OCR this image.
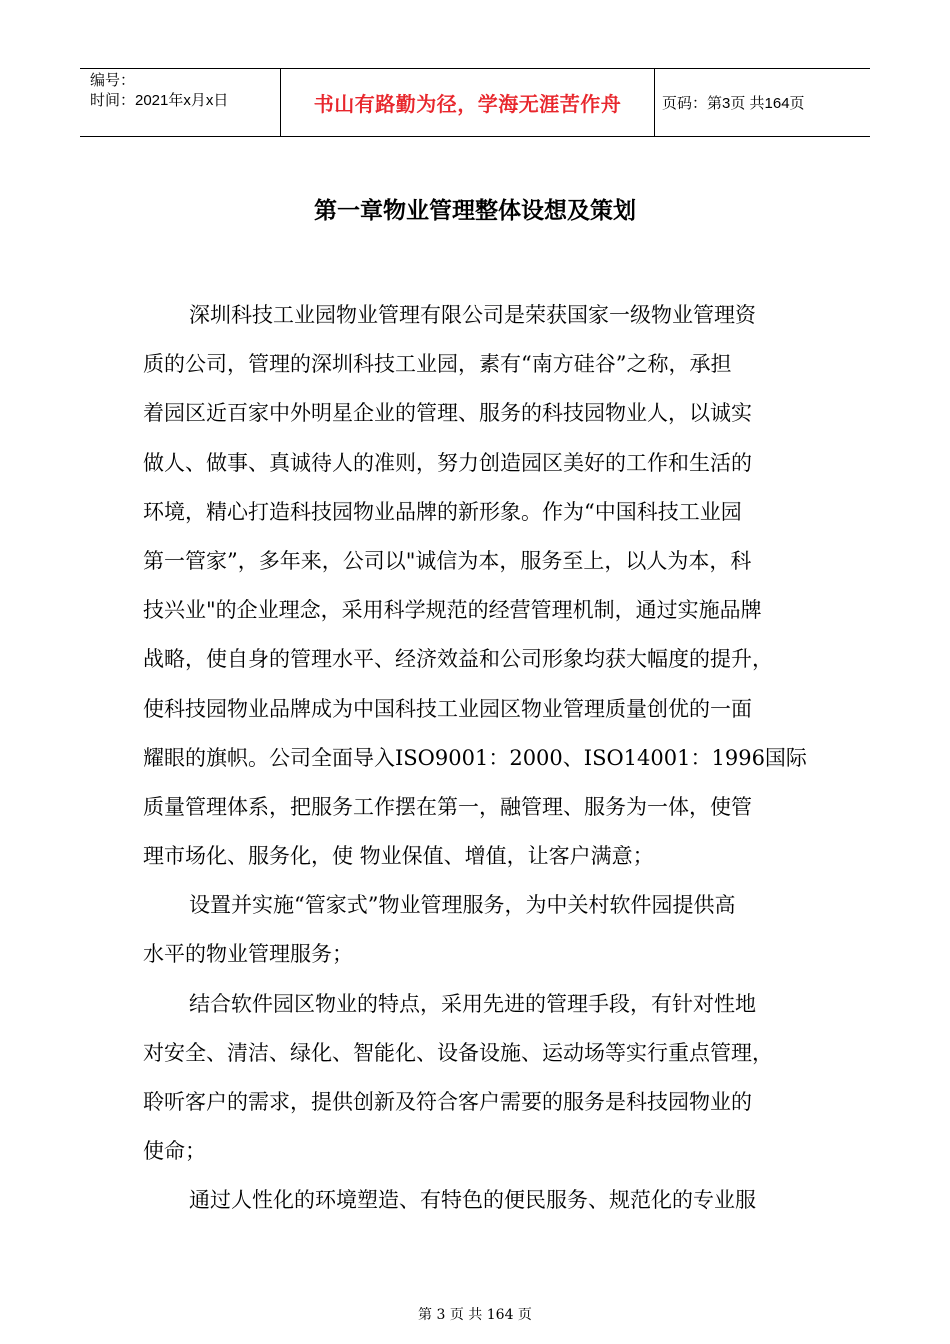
编号：
时间：2021年x月x日	书山有路勤为径，学海无涯苦作舟	页码：第3页 共164页
第一章物业管理整体设想及策划
深圳科技工业园物业管理有限公司是荣获国家一级物业管理资
质的公司，管理的深圳科技工业园，素有“南方硅谷”之称，承担
着园区近百家中外明星企业的管理、服务的科技园物业人，以诚实
做人、做事、真诚待人的准则，努力创造园区美好的工作和生活的
环境，精心打造科技园物业品牌的新形象。作为“中国科技工业园
第一管家”，多年来，公司以"诚信为本，服务至上，以人为本，科
技兴业"的企业理念，采用科学规范的经营管理机制，通过实施品牌
战略，使自身的管理水平、经济效益和公司形象均获大幅度的提升，
使科技园物业品牌成为中国科技工业园区物业管理质量创优的一面
耀眼的旗帜。公司全面导入ISO9001：2000、ISO14001：1996国际
质量管理体系，把服务工作摆在第一，融管理、服务为一体，使管
理市场化、服务化，使 物业保值、增值，让客户满意；
设置并实施“管家式”物业管理服务，为中关村软件园提供高
水平的物业管理服务；
结合软件园区物业的特点，采用先进的管理手段，有针对性地
对安全、清洁、绿化、智能化、设备设施、运动场等实行重点管理，
聆听客户的需求，提供创新及符合客户需要的服务是科技园物业的
使命；
通过人性化的环境塑造、有特色的便民服务、规范化的专业服
第 3 页 共 164 页
